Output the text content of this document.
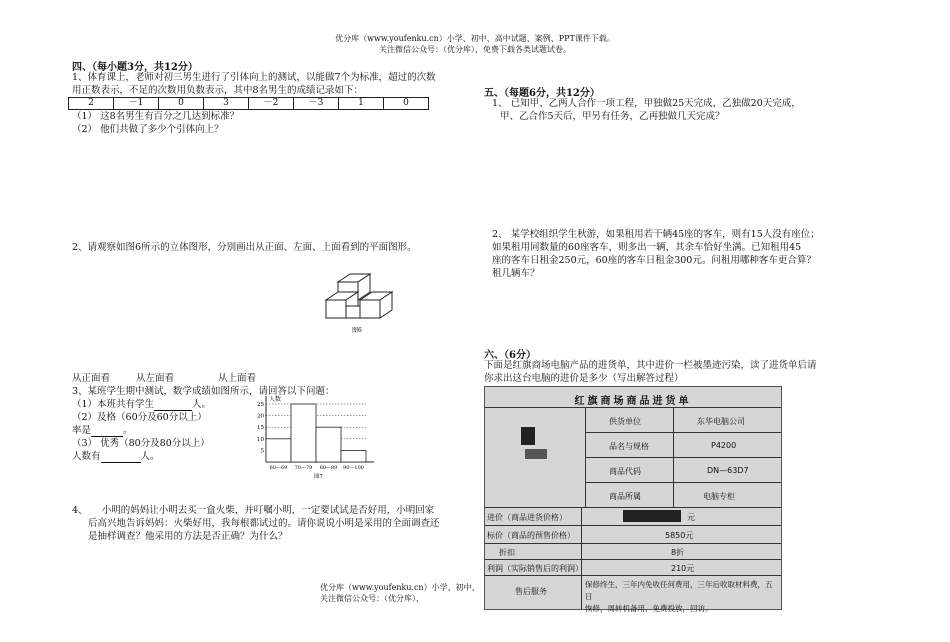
优分库（www.youfenku.cn）小学、初中、高中试题、案例、PPT课件下载。
关注微信公众号：（优分库），免费下载各类试题试卷。
四、（每小题3分，共12分）
1、体育课上，老师对初三男生进行了引体向上的测试，以能做7个为标准，超过的次数
用正数表示，不足的次数用负数表示，其中8名男生的成绩记录如下：
2	－1	0	3	－2	－3	1	0
（1） 这8名男生有百分之几达到标准？
（2） 他们共做了多少个引体向上？
2、请观察如图6所示的立体图形，分别画出从正面、左面、上面看到的平面图形。
图6
从正面看	从左面看	从上面看
3、某班学生期中测试，数学成绩如图所示，请回答以下问题：
（1）本班共有学生	人。
（2）及格（60分及60分以上）
率是	。
（3） 优秀（80分及80分以上）
人数有	人。
人数
25
20
15
10
5
60—69 70—79 80—89 90—100
图7
4、　　小明的妈妈让小明去买一盒火柴，并叮嘱小明，一定要试试是否好用，小明回家
后高兴地告诉妈妈：火柴好用，我每根都试过的。请你说说小明是采用的全面调查还
是抽样调查？他采用的方法是否正确？为什么？
五、（每题6分，共12分）
1、 已知甲、乙两人合作一项工程，甲独做25天完成，乙独做20天完成，
甲、乙合作5天后，甲另有任务，乙再独做几天完成？
2、 某学校组织学生秋游，如果租用若干辆45座的客车，则有15人没有座位；
如果租用同数量的60座客车，则多出一辆，其余车恰好坐满。已知租用45
座的客车日租金250元，60座的客车日租金300元。问租用哪种客车更合算？
租几辆车？
六、（6分）
下面是红旗商场电脑产品的进货单，其中进价一栏被墨迹污染，读了进货单后请
你求出这台电脑的进价是多少（写出解答过程）
红旗商场商品进货单
供货单位	东华电脑公司
品名与规格	P4200
商品代码	DN—63D7
商品所属	电脑专柜
进价（商品进货价格）	元
标价（商品的预售价格）	5850元
折扣	8折
利润（实际销售后的利润）	210元
售后服务
保修终生，三年内免收任何费用，三年后收取材料费，五日
恢修，周转机备用，免费投放，回访。
优分库（www.youfenku.cn）小学、初中、
关注微信公众号：（优分库），
